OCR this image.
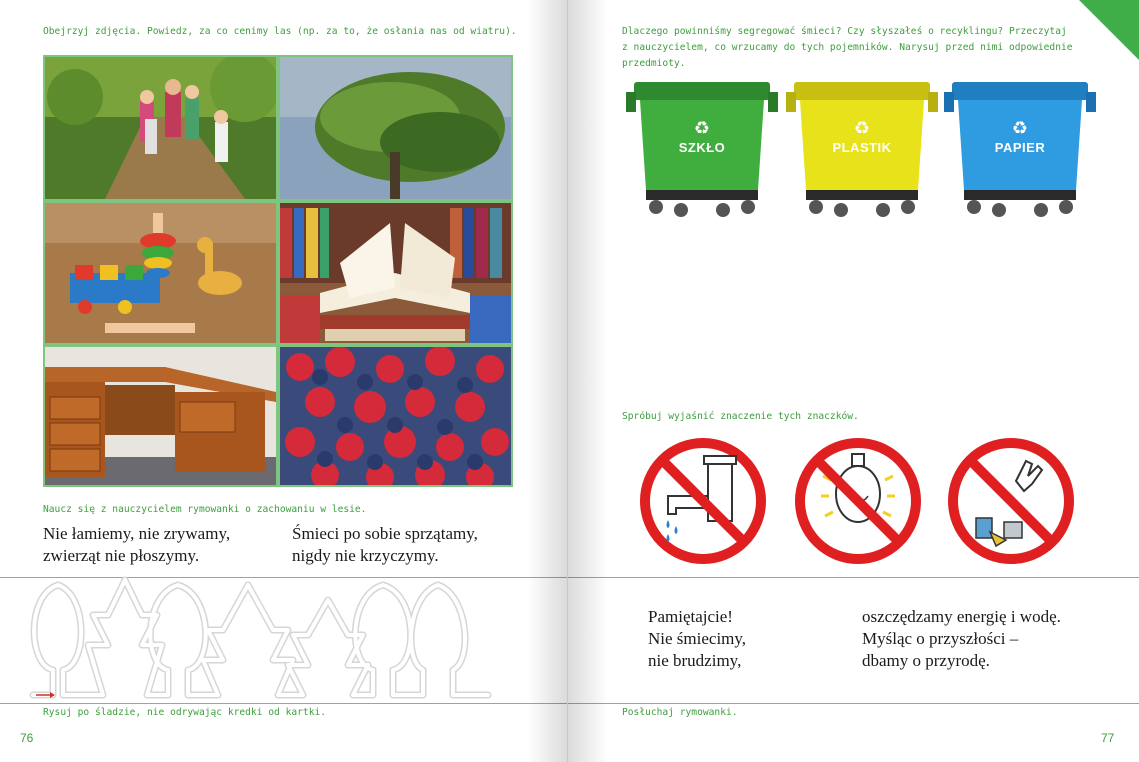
Obejrzyj zdjęcia. Powiedz, za co cenimy las (np. za to, że osłania nas od wiatru).
Naucz się z nauczycielem rymowanki o zachowaniu w lesie.
Nie łamiemy, nie zrywamy,
zwierząt nie płoszymy.
Śmieci po sobie sprzątamy,
nigdy nie krzyczymy.
Rysuj po śladzie, nie odrywając kredki od kartki.
76
Dlaczego powinniśmy segregować śmieci? Czy słyszałeś o recyklingu? Przeczytaj
z nauczycielem, co wrzucamy do tych pojemników. Narysuj przed nimi odpowiednie przedmioty.
♻
SZKŁO
♻
PLASTIK
♻
PAPIER
Spróbuj wyjaśnić znaczenie tych znaczków.
Pamiętajcie!
Nie śmiecimy,
nie brudzimy,
oszczędzamy energię i wodę.
Myśląc o przyszłości –
dbamy o przyrodę.
Posłuchaj rymowanki.
77
